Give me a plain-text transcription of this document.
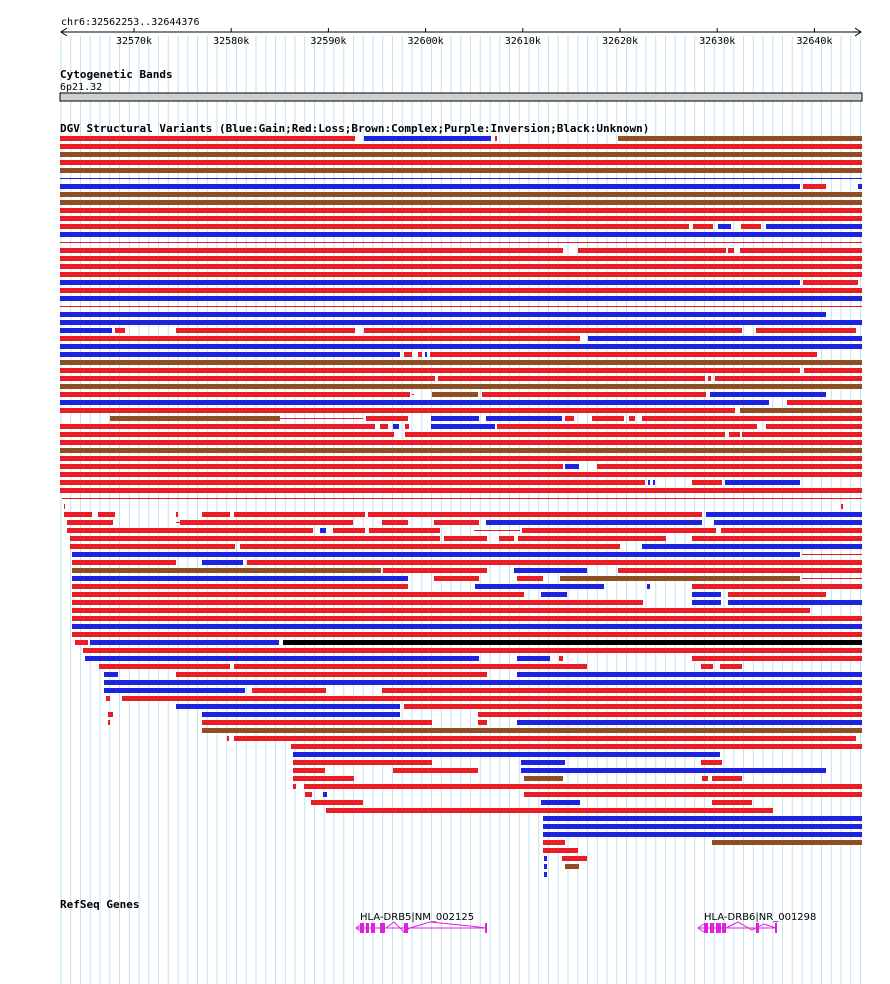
chr6:32562253..32644376
32570k	32580k	32590k	32600k	32610k	32620k	32630k	32640k
Cytogenetic Bands
6p21.32
DGV Structural Variants (Blue:Gain;Red:Loss;Brown:Complex;Purple:Inversion;Black:Unknown)
RefSeq Genes
HLA-DRB5|NM_002125	HLA-DRB6|NR_001298
